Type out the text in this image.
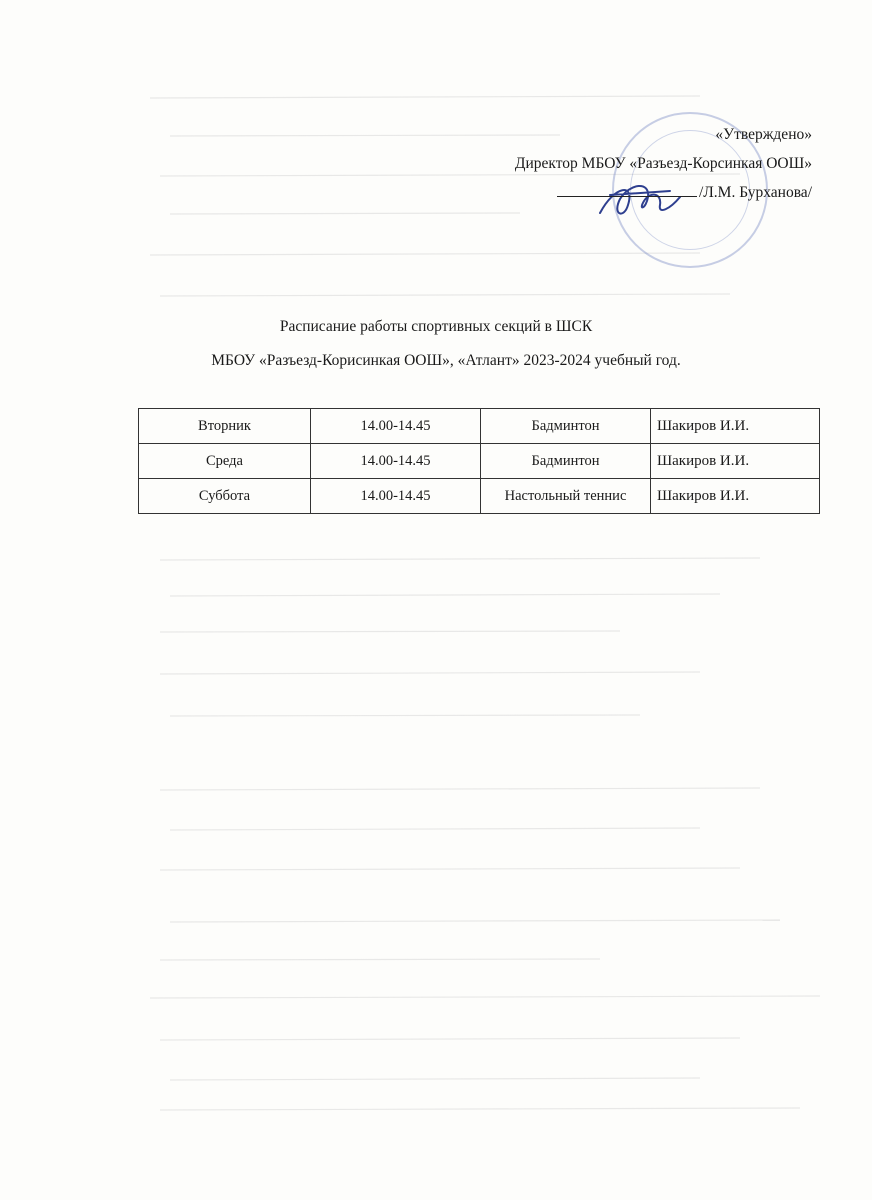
«Утверждено»
Директор МБОУ «Разъезд-Корсинкая ООШ»
/Л.М. Бурханова/
Расписание работы спортивных секций в ШСК
МБОУ «Разъезд-Корисинкая ООШ», «Атлант» 2023-2024 учебный год.
Вторник	14.00-14.45	Бадминтон	Шакиров И.И.
Среда	14.00-14.45	Бадминтон	Шакиров И.И.
Суббота	14.00-14.45	Настольный теннис	Шакиров И.И.
